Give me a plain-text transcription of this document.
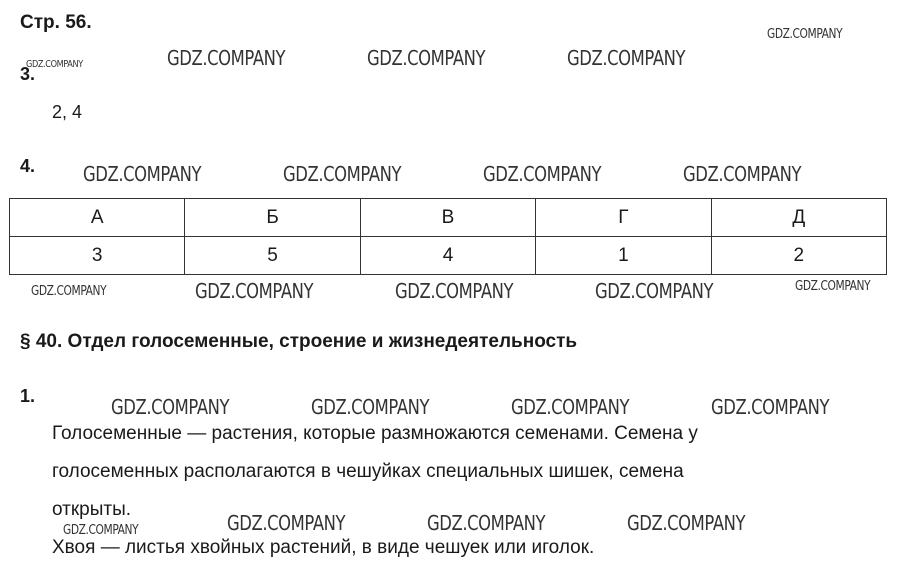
Стр. 56.
3.
2, 4
4.
А	Б	В	Г	Д
3	5	4	1	2
§ 40. Отдел голосеменные, строение и жизнедеятельность
1.
Голосеменные — растения, которые размножаются семенами. Семена у
голосеменных располагаются в чешуйках специальных шишек, семена
открыты.
Хвоя — листья хвойных растений, в виде чешуек или иголок.
GDZ.COMPANY
GDZ.COMPANY	GDZ.COMPANY	GDZ.COMPANY	GDZ.COMPANY
GDZ.COMPANY	GDZ.COMPANY	GDZ.COMPANY	GDZ.COMPANY
GDZ.COMPANY	GDZ.COMPANY	GDZ.COMPANY	GDZ.COMPANY	GDZ.COMPANY
GDZ.COMPANY	GDZ.COMPANY	GDZ.COMPANY	GDZ.COMPANY
GDZ.COMPANY	GDZ.COMPANY	GDZ.COMPANY	GDZ.COMPANY
